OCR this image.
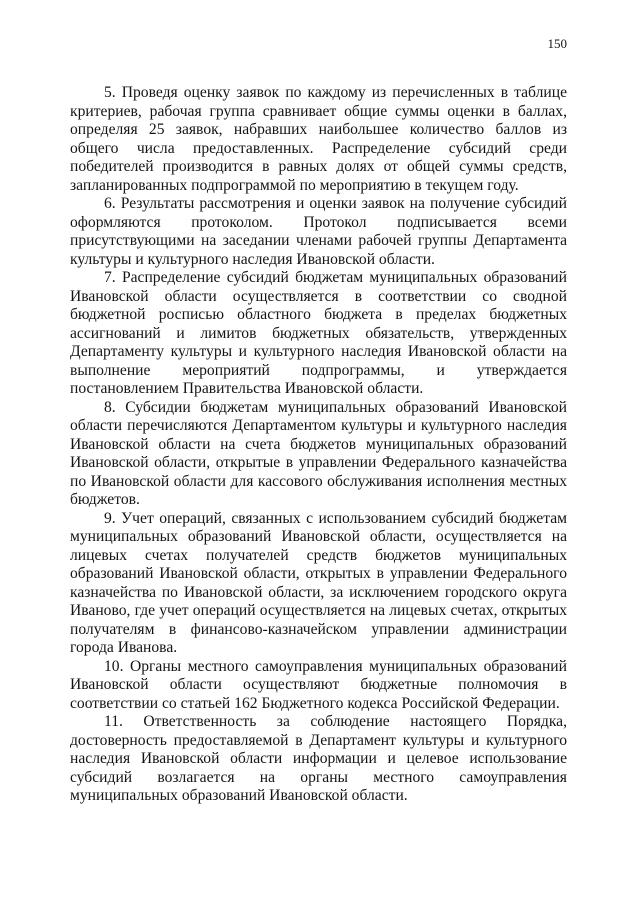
150

5. Проведя оценку заявок по каждому из перечисленных в таблице критериев, рабочая группа сравнивает общие суммы оценки в баллах, определяя 25 заявок, набравших наибольшее количество баллов из общего числа предоставленных. Распределение субсидий среди победителей производится в равных долях от общей суммы средств, запланированных подпрограммой по мероприятию в текущем году.

6. Результаты рассмотрения и оценки заявок на получение субсидий оформляются протоколом. Протокол подписывается всеми присутствующими на заседании членами рабочей группы Департамента культуры и культурного наследия Ивановской области.

7. Распределение субсидий бюджетам муниципальных образований Ивановской области осуществляется в соответствии со сводной бюджетной росписью областного бюджета в пределах бюджетных ассигнований и лимитов бюджетных обязательств, утвержденных Департаменту культуры и культурного наследия Ивановской области на выполнение мероприятий подпрограммы, и утверждается постановлением Правительства Ивановской области.

8. Субсидии бюджетам муниципальных образований Ивановской области перечисляются Департаментом культуры и культурного наследия Ивановской области на счета бюджетов муниципальных образований Ивановской области, открытые в управлении Федерального казначейства по Ивановской области для кассового обслуживания исполнения местных бюджетов.

9. Учет операций, связанных с использованием субсидий бюджетам муниципальных образований Ивановской области, осуществляется на лицевых счетах получателей средств бюджетов муниципальных образований Ивановской области, открытых в управлении Федерального казначейства по Ивановской области, за исключением городского округа Иваново, где учет операций осуществляется на лицевых счетах, открытых получателям в финансово-казначейском управлении администрации города Иванова.

10. Органы местного самоуправления муниципальных образований Ивановской области осуществляют бюджетные полномочия в соответствии со статьей 162 Бюджетного кодекса Российской Федерации.

11. Ответственность за соблюдение настоящего Порядка, достоверность предоставляемой в Департамент культуры и культурного наследия Ивановской области информации и целевое использование субсидий возлагается на органы местного самоуправления муниципальных образований Ивановской области.
